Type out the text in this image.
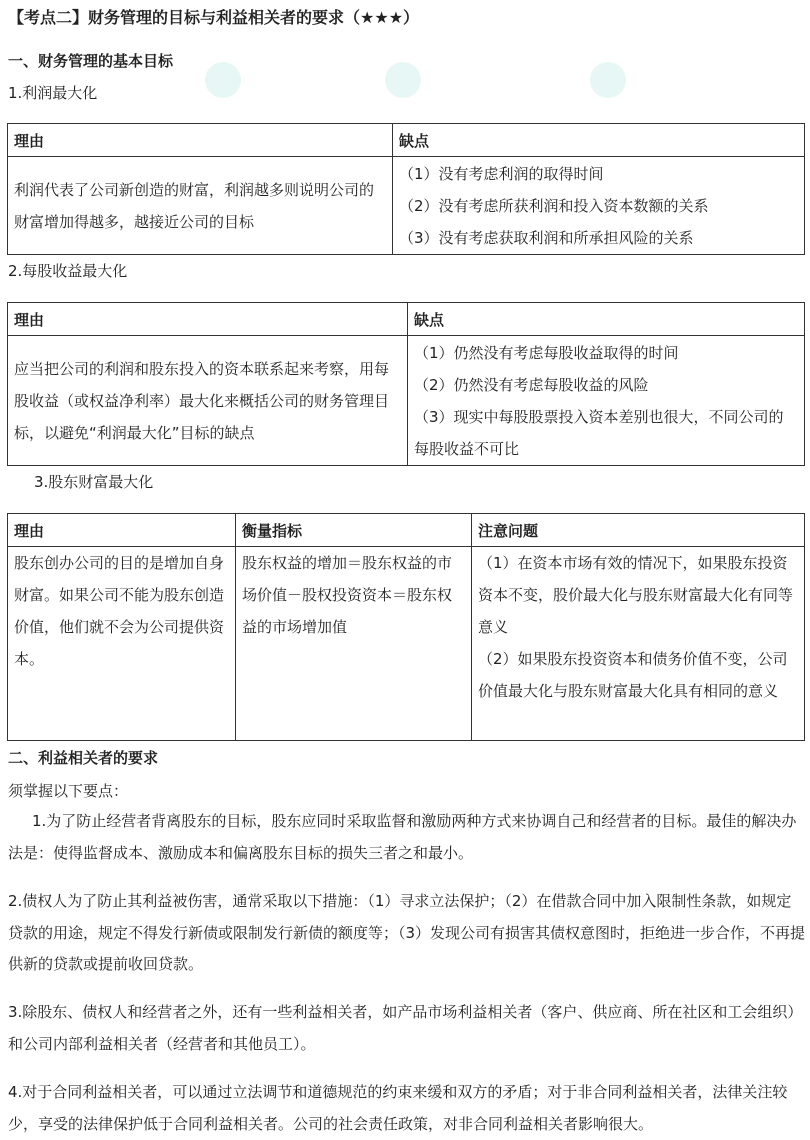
【考点二】财务管理的目标与利益相关者的要求（★★★）
一、财务管理的基本目标
1.利润最大化
理由	缺点
利润代表了公司新创造的财富，利润越多则说明公司的财富增加得越多，越接近公司的目标	（1）没有考虑利润的取得时间
（2）没有考虑所获利润和投入资本数额的关系
（3）没有考虑获取利润和所承担风险的关系
2.每股收益最大化
理由	缺点
应当把公司的利润和股东投入的资本联系起来考察，用每股收益（或权益净利率）最大化来概括公司的财务管理目标，以避免“利润最大化”目标的缺点	（1）仍然没有考虑每股收益取得的时间
（2）仍然没有考虑每股收益的风险
（3）现实中每股股票投入资本差别也很大，不同公司的每股收益不可比
3.股东财富最大化
理由	衡量指标	注意问题
股东创办公司的目的是增加自身财富。如果公司不能为股东创造价值，他们就不会为公司提供资本。	股东权益的增加＝股东权益的市场价值－股权投资资本＝股东权益的市场增加值	（1）在资本市场有效的情况下，如果股东投资资本不变，股价最大化与股东财富最大化有同等意义
（2）如果股东投资资本和债务价值不变，公司价值最大化与股东财富最大化具有相同的意义
二、利益相关者的要求
须掌握以下要点：
1.为了防止经营者背离股东的目标，股东应同时采取监督和激励两种方式来协调自己和经营者的目标。最佳的解决办法是：使得监督成本、激励成本和偏离股东目标的损失三者之和最小。
2.债权人为了防止其利益被伤害，通常采取以下措施：（1）寻求立法保护；（2）在借款合同中加入限制性条款，如规定贷款的用途，规定不得发行新债或限制发行新债的额度等；（3）发现公司有损害其债权意图时，拒绝进一步合作，不再提供新的贷款或提前收回贷款。
3.除股东、债权人和经营者之外，还有一些利益相关者，如产品市场利益相关者（客户、供应商、所在社区和工会组织）和公司内部利益相关者（经营者和其他员工）。
4.对于合同利益相关者，可以通过立法调节和道德规范的约束来缓和双方的矛盾；对于非合同利益相关者，法律关注较少，享受的法律保护低于合同利益相关者。公司的社会责任政策，对非合同利益相关者影响很大。
